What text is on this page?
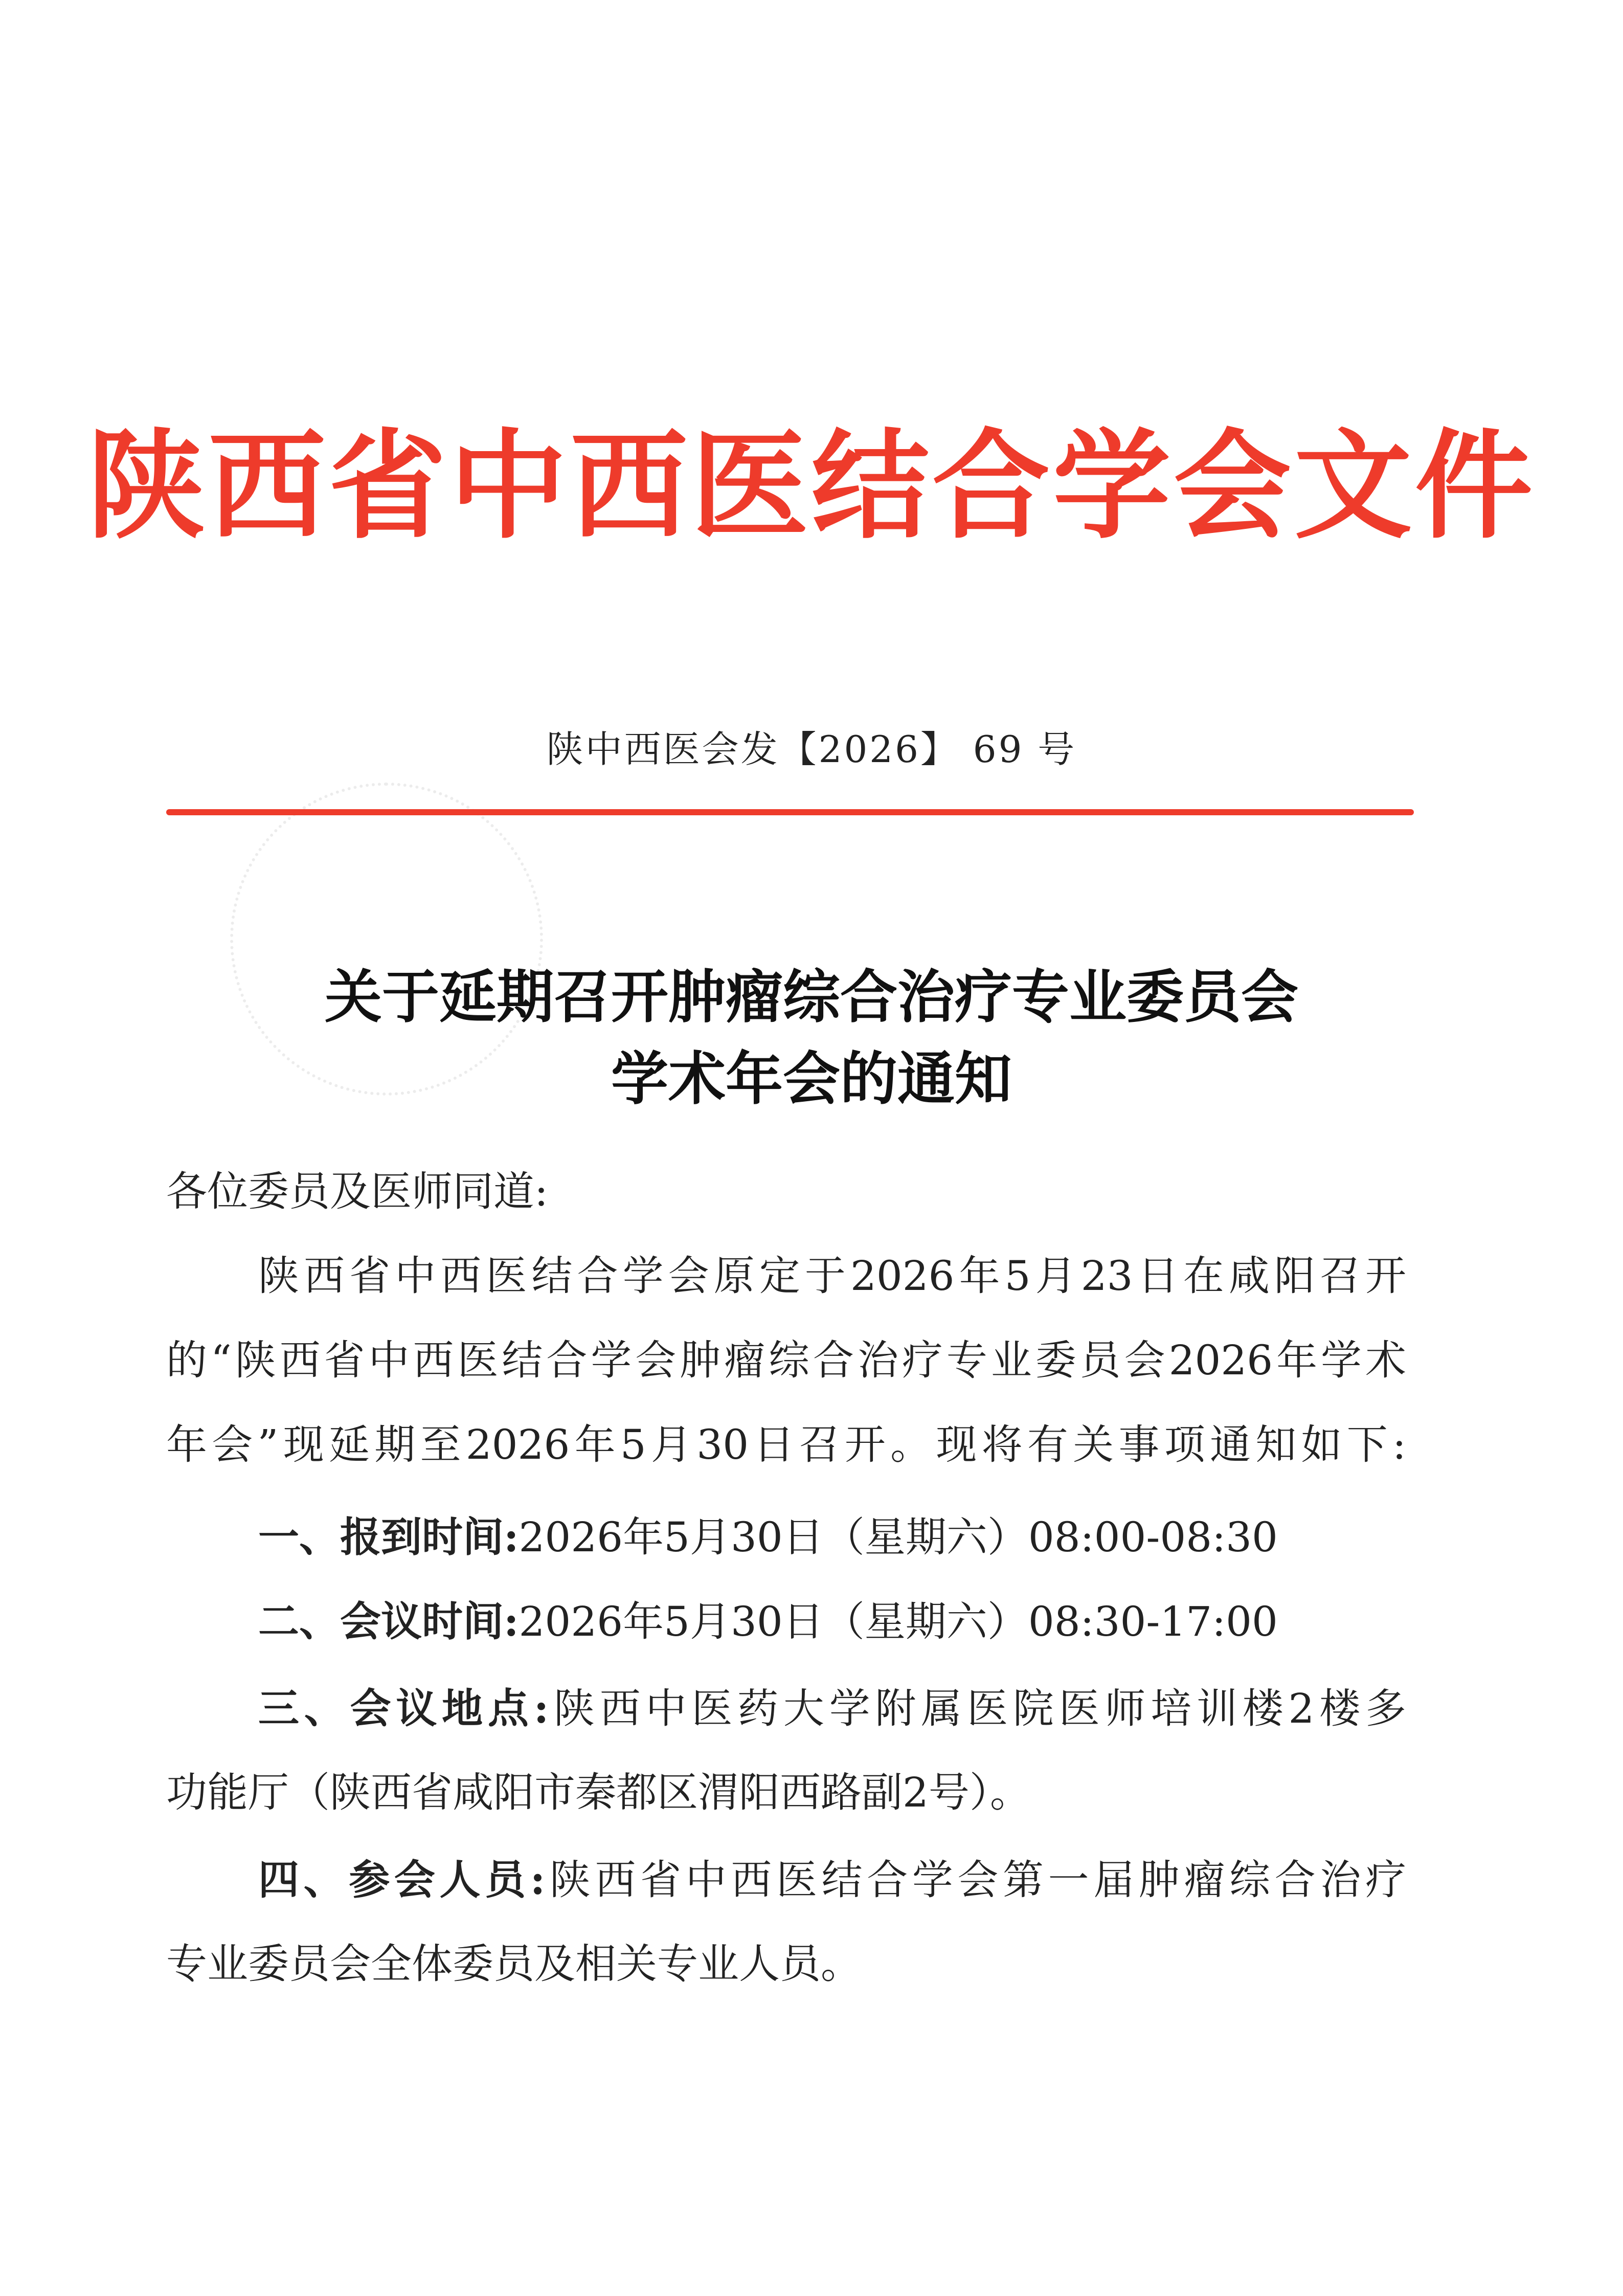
陕西省中西医结合学会文件
陕中西医会发【2026】 69 号
关于延期召开肿瘤综合治疗专业委员会
学术年会的通知
各位委员及医师同道:
陕西省中西医结合学会原定于2026年5月23日在咸阳召开
的“陕西省中西医结合学会肿瘤综合治疗专业委员会2026年学术
年会”现延期至2026年5月30日召开。现将有关事项通知如下:
一、报到时间:2026年5月30日（星期六）08:00-08:30
二、会议时间:2026年5月30日（星期六）08:30-17:00
三、会议地点:陕西中医药大学附属医院医师培训楼2楼多
功能厅（陕西省咸阳市秦都区渭阳西路副2号）。
四、参会人员:陕西省中西医结合学会第一届肿瘤综合治疗
专业委员会全体委员及相关专业人员。
